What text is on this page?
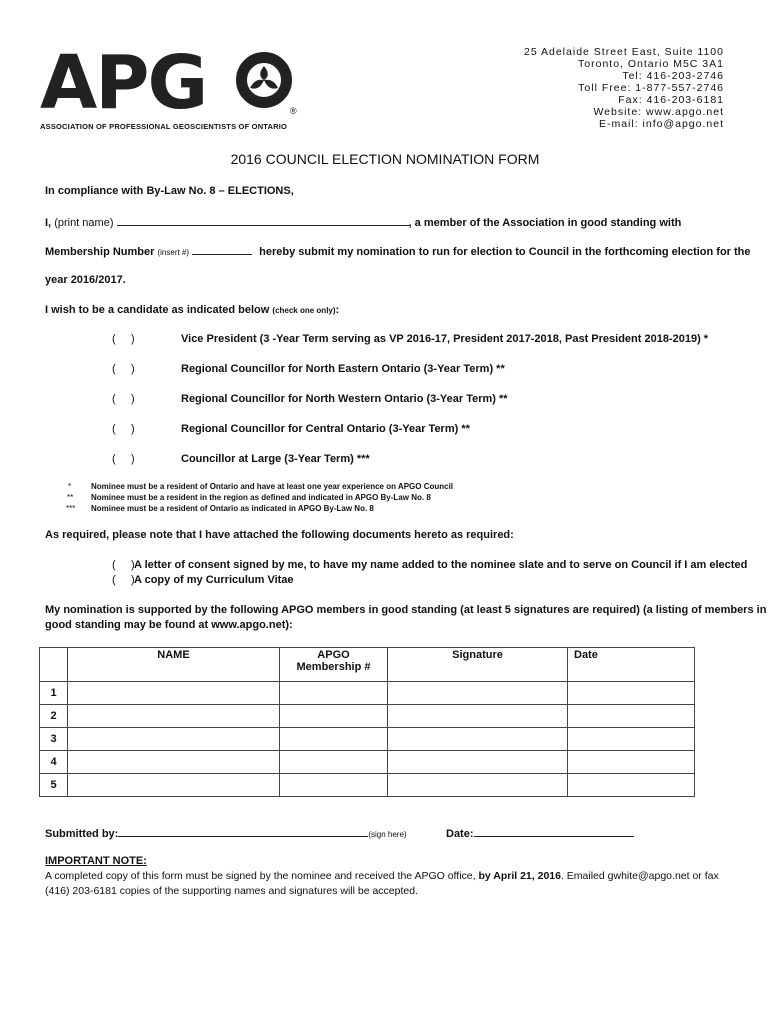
APG	®
ASSOCIATION OF PROFESSIONAL GEOSCIENTISTS OF ONTARIO
25 Adelaide Street East, Suite 1100
Toronto, Ontario M5C 3A1
Tel: 416-203-2746
Toll Free: 1-877-557-2746
Fax: 416-203-6181
Website: www.apgo.net
E-mail: info@apgo.net
2016 COUNCIL ELECTION NOMINATION FORM
In compliance with By-Law No. 8 – ELECTIONS,
I, (print name)	, a member of the Association in good standing with
Membership Number (insert #)	hereby submit my nomination to run for election to Council in the forthcoming election for the
year 2016/2017.
I wish to be a candidate as indicated below (check one only):
(     )	Vice President (3 -Year Term serving as VP 2016-17, President 2017-2018, Past President 2018-2019) *
(     )	Regional Councillor for North Eastern Ontario (3-Year Term) **
(     )	Regional Councillor for North Western Ontario (3-Year Term) **
(     )	Regional Councillor for Central Ontario (3-Year Term) **
(     )	Councillor at Large (3-Year Term) ***
* Nominee must be a resident of Ontario and have at least one year experience on APGO Council
** Nominee must be a resident in the region as defined and indicated in APGO By-Law No. 8
*** Nominee must be a resident of Ontario as indicated in APGO By-Law No. 8
As required, please note that I have attached the following documents hereto as required:
(     ) A letter of consent signed by me, to have my name added to the nominee slate and to serve on Council if I am elected
(     ) A copy of my Curriculum Vitae
My nomination is supported by the following APGO members in good standing (at least 5 signatures are required) (a listing of members in
good standing may be found at www.apgo.net):
	NAME	APGO
Membership #	Signature	Date
1				
2				
3				
4				
5				
Submitted by:	(sign here)	Date:
IMPORTANT NOTE:
A completed copy of this form must be signed by the nominee and received the APGO office, by April 21, 2016. Emailed gwhite@apgo.net or fax
(416) 203-6181 copies of the supporting names and signatures will be accepted.
